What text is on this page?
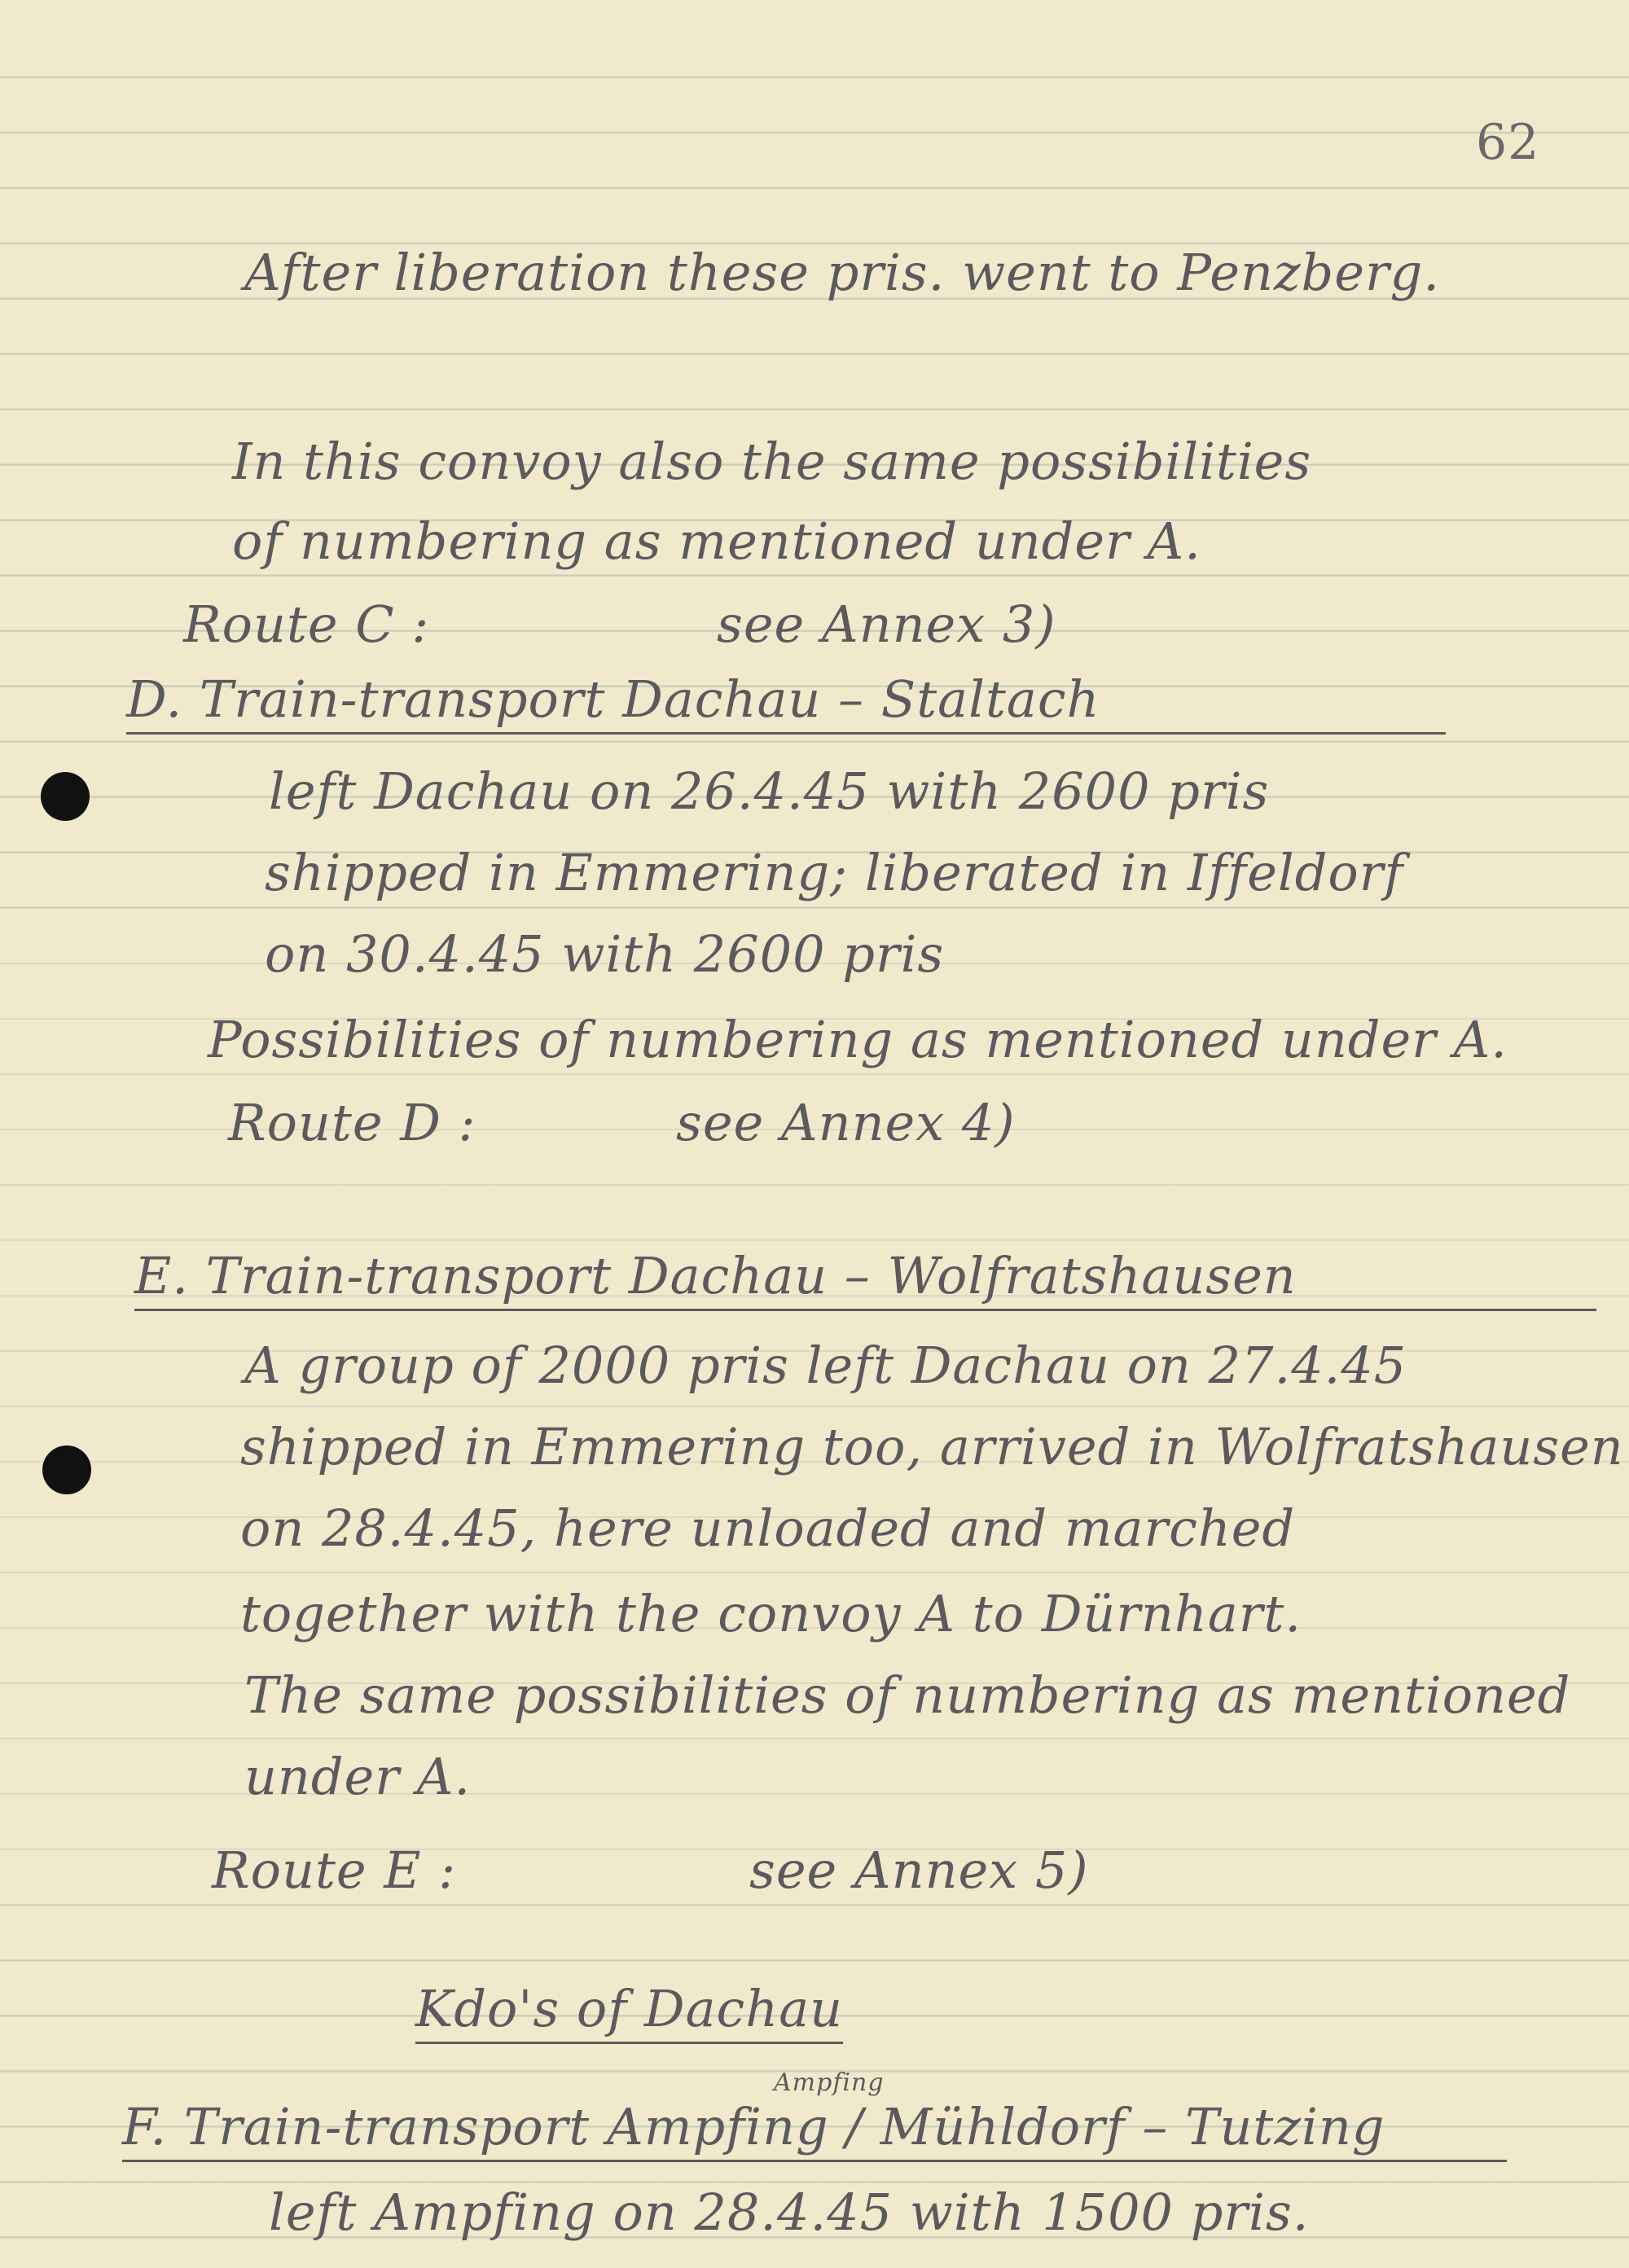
62
After liberation these pris. went to Penzberg.
In this convoy also the same possibilities
of numbering as mentioned under A.
Route C :	see Annex 3)
D. Train-transport Dachau – Staltach
left Dachau on 26.4.45 with 2600 pris
shipped in Emmering; liberated in Iffeldorf
on 30.4.45 with 2600 pris
Possibilities of numbering as mentioned under A.
Route D :	see Annex 4)
E. Train-transport Dachau – Wolfratshausen
A group of 2000 pris left Dachau on 27.4.45
shipped in Emmering too, arrived in Wolfratshausen
on 28.4.45, here unloaded and marched
together with the convoy A to Dürnhart.
The same possibilities of numbering as mentioned
under A.
Route E :	see Annex 5)
Kdo's of Dachau
Ampfing
F. Train-transport Ampfing / Mühldorf – Tutzing
left Ampfing on 28.4.45 with 1500 pris.
